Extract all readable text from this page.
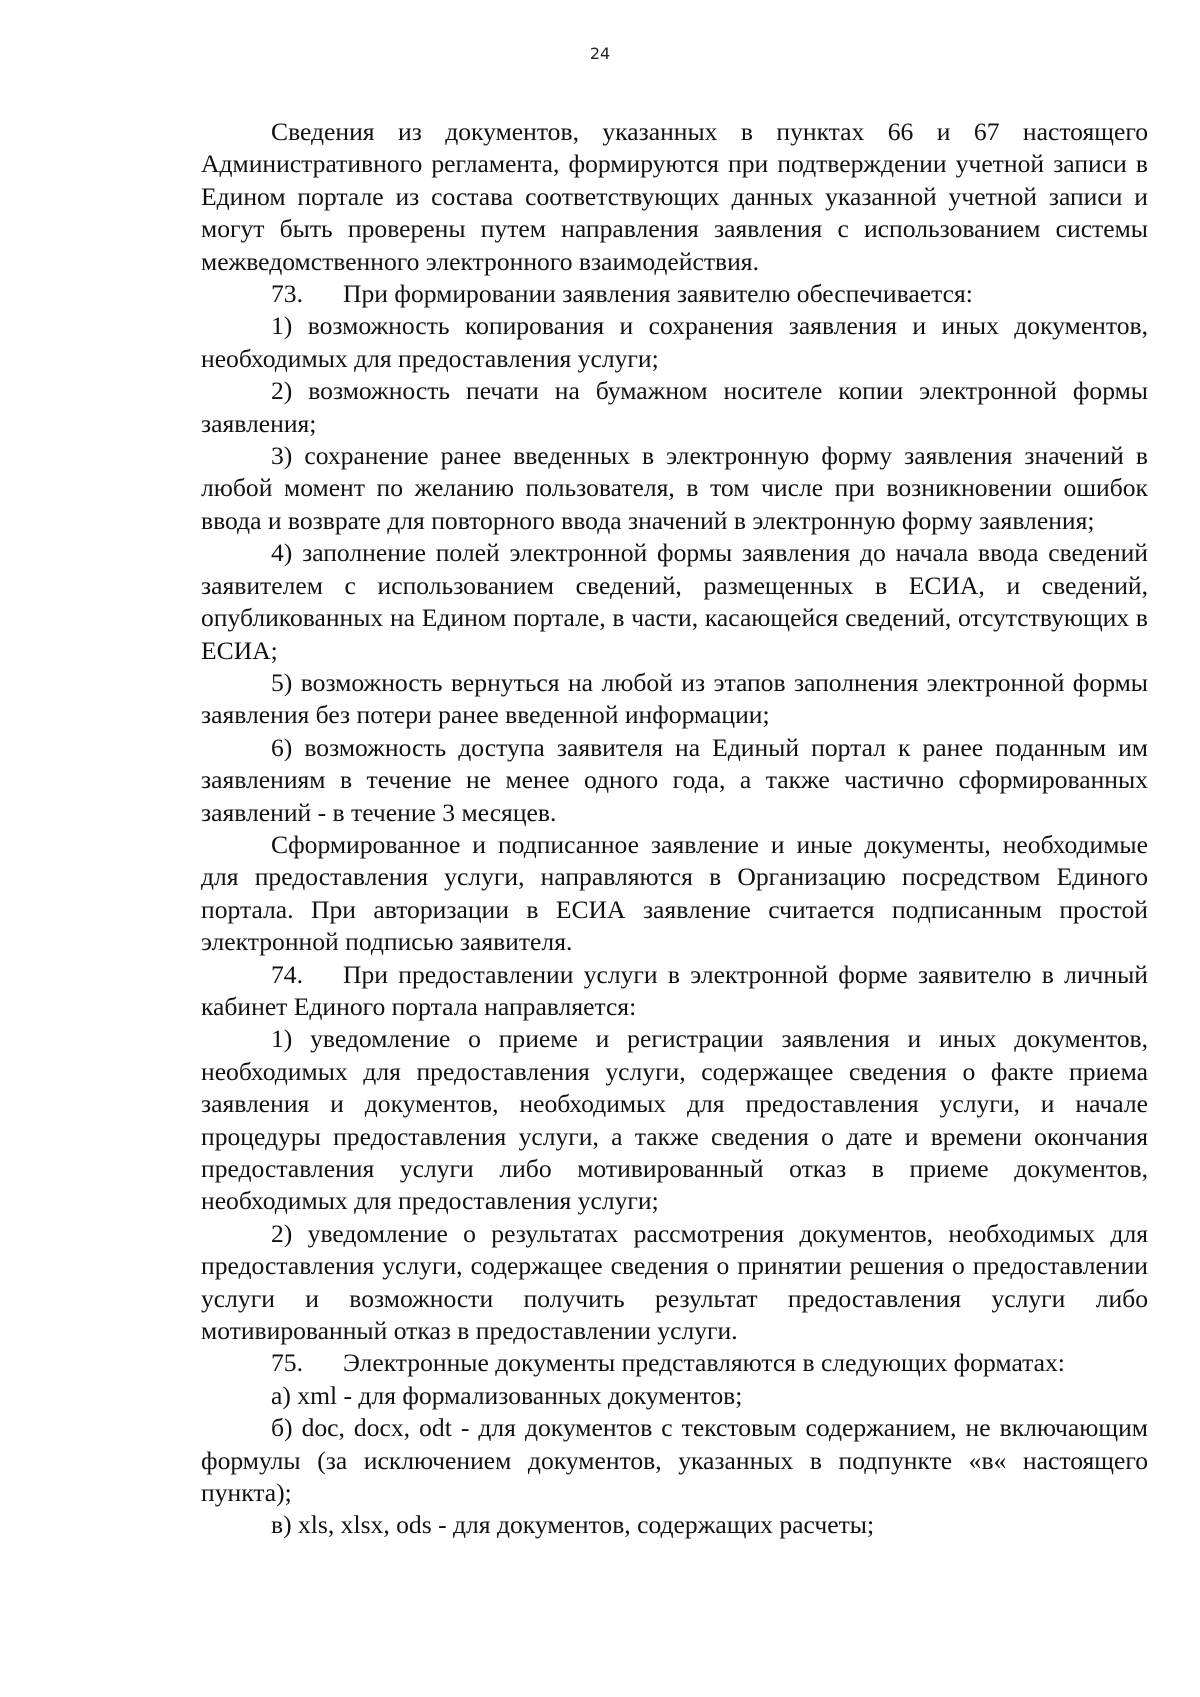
24

Сведения из документов, указанных в пунктах 66 и 67 настоящего Административного регламента, формируются при подтверждении учетной записи в Едином портале из состава соответствующих данных указанной учетной записи и могут быть проверены путем направления заявления с использованием системы межведомственного электронного взаимодействия.

73. При формировании заявления заявителю обеспечивается:

1) возможность копирования и сохранения заявления и иных документов, необходимых для предоставления услуги;

2) возможность печати на бумажном носителе копии электронной формы заявления;

3) сохранение ранее введенных в электронную форму заявления значений в любой момент по желанию пользователя, в том числе при возникновении ошибок ввода и возврате для повторного ввода значений в электронную форму заявления;

4) заполнение полей электронной формы заявления до начала ввода сведений заявителем с использованием сведений, размещенных в ЕСИА, и сведений, опубликованных на Едином портале, в части, касающейся сведений, отсутствующих в ЕСИА;

5) возможность вернуться на любой из этапов заполнения электронной формы заявления без потери ранее введенной информации;

6) возможность доступа заявителя на Единый портал к ранее поданным им заявлениям в течение не менее одного года, а также частично сформированных заявлений - в течение 3 месяцев.

Сформированное и подписанное заявление и иные документы, необходимые для предоставления услуги, направляются в Организацию посредством Единого портала. При авторизации в ЕСИА заявление считается подписанным простой электронной подписью заявителя.

74. При предоставлении услуги в электронной форме заявителю в личный кабинет Единого портала направляется:

1) уведомление о приеме и регистрации заявления и иных документов, необходимых для предоставления услуги, содержащее сведения о факте приема заявления и документов, необходимых для предоставления услуги, и начале процедуры предоставления услуги, а также сведения о дате и времени окончания предоставления услуги либо мотивированный отказ в приеме документов, необходимых для предоставления услуги;

2) уведомление о результатах рассмотрения документов, необходимых для предоставления услуги, содержащее сведения о принятии решения о предоставлении услуги и возможности получить результат предоставления услуги либо мотивированный отказ в предоставлении услуги.

75. Электронные документы представляются в следующих форматах:

а) xml - для формализованных документов;

б) doc, docx, odt - для документов с текстовым содержанием, не включающим формулы (за исключением документов, указанных в подпункте «в« настоящего пункта);

в) xls, xlsx, ods - для документов, содержащих расчеты;
